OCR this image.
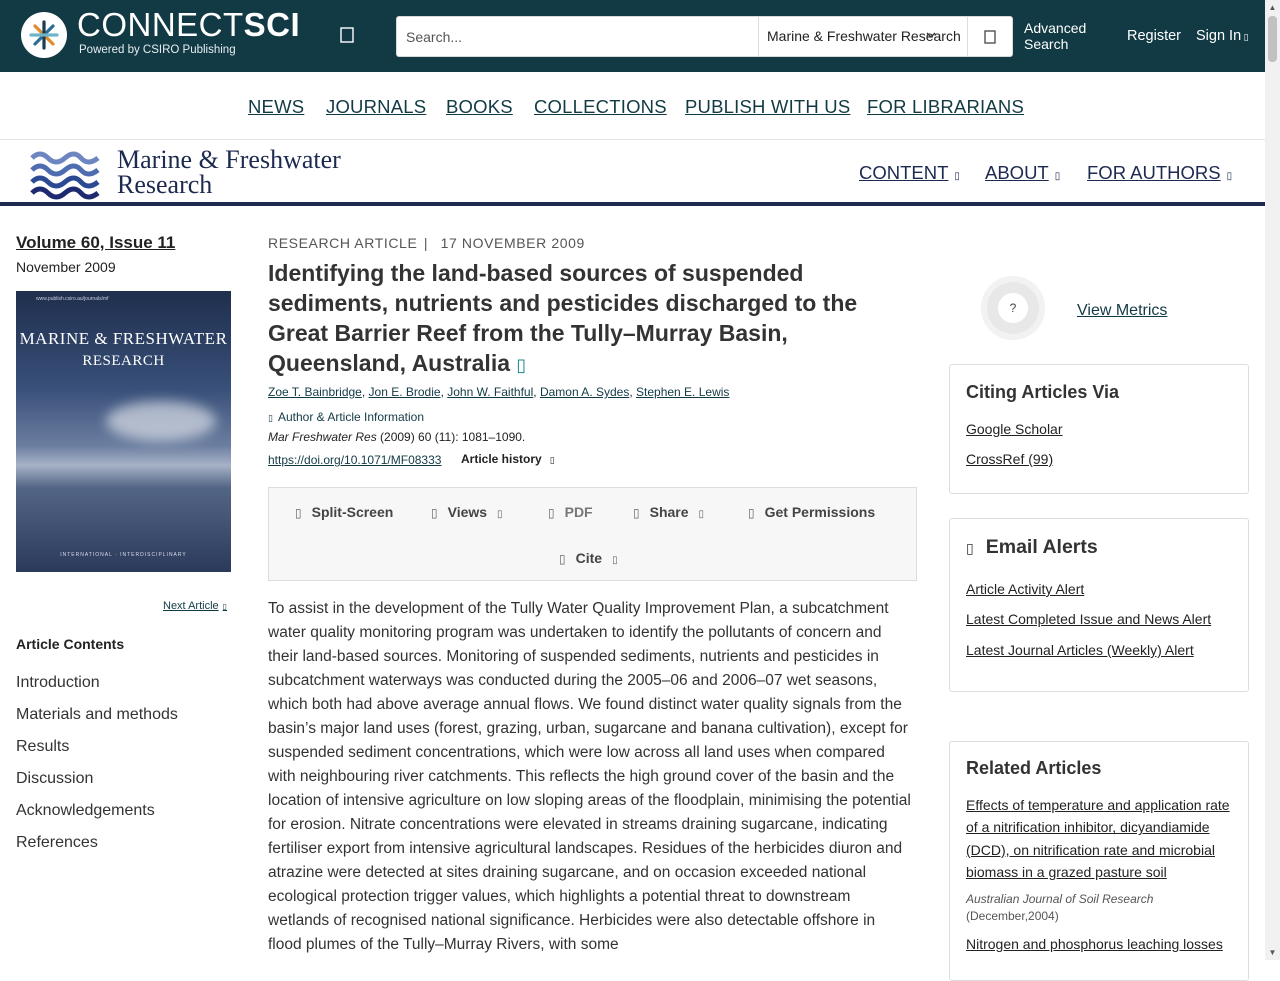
CONNECTSCI
Powered by CSIRO Publishing
Search...
Marine & Freshwater Research	Advanced Search	Register Sign In ▯
NEWS JOURNALS BOOKS COLLECTIONS PUBLISH WITH US FOR LIBRARIANS
Marine & Freshwater
Research	CONTENT ▯ ABOUT ▯ FOR AUTHORS ▯
Volume 60, Issue 11
November 2009
www.publish.csiro.au/journals/mf
MARINE & FRESHWATER
RESEARCH
INTERNATIONAL · INTERDISCIPLINARY
Next Article ▯
Article Contents
Introduction
Materials and methods
Results
Discussion
Acknowledgements
References
RESEARCH ARTICLE | 17 NOVEMBER 2009
Identifying the land-based sources of suspended sediments, nutrients and pesticides discharged to the Great Barrier Reef from the Tully–Murray Basin, Queensland, Australia ▯
Zoe T. Bainbridge, Jon E. Brodie, John W. Faithful, Damon A. Sydes, Stephen E. Lewis
▯ Author & Article Information
Mar Freshwater Res (2009) 60 (11): 1081–1090.
https://doi.org/10.1071/MF08333 Article history ▯
▯ Split-Screen	▯ Views ▯	▯ PDF	▯ Share ▯	▯ Get Permissions
▯ Cite ▯
To assist in the development of the Tully Water Quality Improvement Plan, a subcatchment water quality monitoring program was undertaken to identify the pollutants of concern and their land-based sources. Monitoring of suspended sediments, nutrients and pesticides in subcatchment waterways was conducted during the 2005–06 and 2006–07 wet seasons, which both had above average annual flows. We found distinct water quality signals from the basin’s major land uses (forest, grazing, urban, sugarcane and banana cultivation), except for suspended sediment concentrations, which were low across all land uses when compared with neighbouring river catchments. This reflects the high ground cover of the basin and the location of intensive agriculture on low sloping areas of the floodplain, minimising the potential for erosion. Nitrate concentrations were elevated in streams draining sugarcane, indicating fertiliser export from intensive agricultural landscapes. Residues of the herbicides diuron and atrazine were detected at sites draining sugarcane, and on occasion exceeded national ecological protection trigger values, which highlights a potential threat to downstream wetlands of recognised national significance. Herbicides were also detectable offshore in flood plumes of the Tully–Murray Rivers, with some
?	View Metrics
Citing Articles Via
Google Scholar
CrossRef (99)
▯ Email Alerts
Article Activity Alert
Latest Completed Issue and News Alert
Latest Journal Articles (Weekly) Alert
Related Articles
Effects of temperature and application rate of a nitrification inhibitor, dicyandiamide (DCD), on nitrification rate and microbial biomass in a grazed pasture soil
Australian Journal of Soil Research
(December,2004)
Nitrogen and phosphorus leaching losses
▲
▼
